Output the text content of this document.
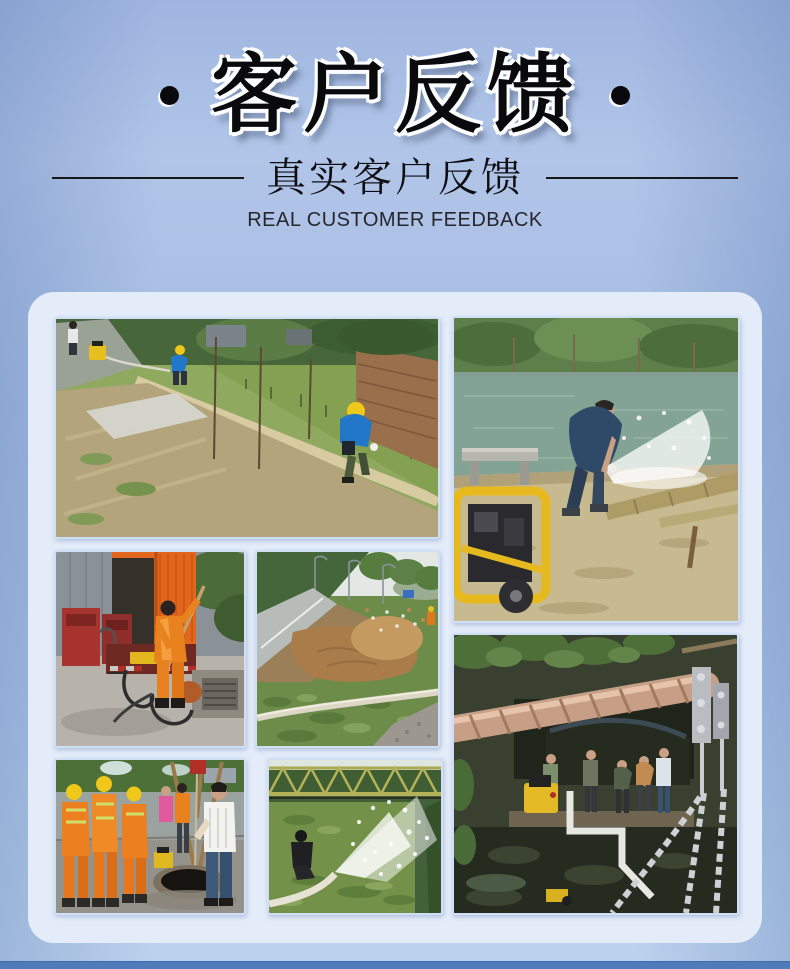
客户反馈
真实客户反馈
REAL CUSTOMER FEEDBACK
